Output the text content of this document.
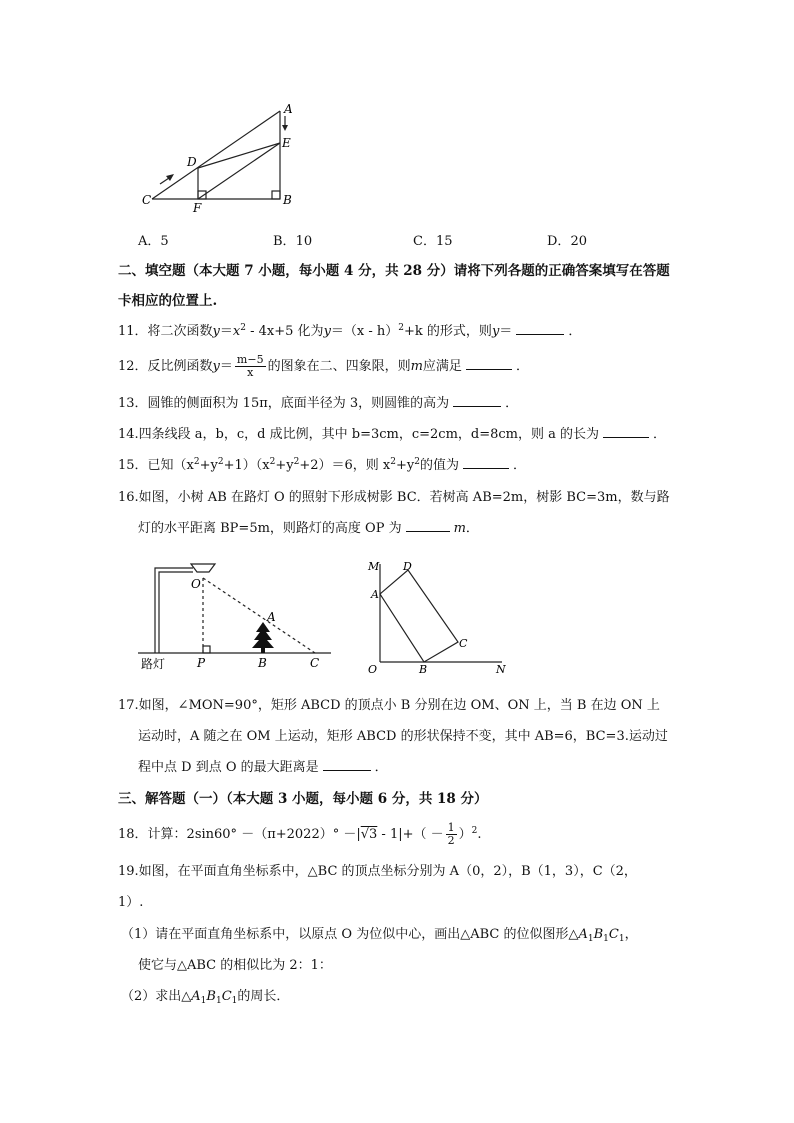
C
D
F
E
B
A
A．5	B．10	C．15	D．20
二、填空题（本大题 7 小题，每小题 4 分，共 28 分）请将下列各题的正确答案填写在答题
卡相应的位置上.
11．将二次函数$y=x^2 - 4x+5$ 化为y＝（x - h）$^2$+k 的形式，则y＝	．
12．反比例函数$y= \frac{m-5}{x}$ 的图象在二、四象限，则m应满足	．
13．圆锥的侧面积为 15π，底面半径为 3，则圆锥的高为	．
14.四条线段 a，b，c，d 成比例，其中 b=3cm，c=2cm，d=8cm，则 a 的长为	．
15．已知$(x^2+y^2+1)(x^2+y^2+2)=6$，则 $x^2+y^2$的值为	．
16.如图，小树 AB 在路灯 O 的照射下形成树影 BC．若树高 AB=2m，树影 BC=3m，数与路
灯的水平距离 BP=5m，则路灯的高度 OP 为	m．
O
A
P	B	C
路灯
M D
A
C
O	B	N
17.如图，∠MON=90°，矩形 ABCD 的顶点小 B 分别在边 OM、ON 上，当 B 在边 ON 上
运动时，A 随之在 OM 上运动，矩形 ABCD 的形状保持不变，其中 AB=6，BC=3.运动过
程中点 D 到点 O 的最大距离是	．
三、解答题（一）（本大题 3 小题，每小题 6 分，共 18 分）
18．计算：$2\sin 60^\circ -(\pi+2022)^\circ -|√3 - 1|+( - \frac{1}{2} )^2$.
19.如图，在平面直角坐标系中，△BC 的顶点坐标分别为 A（0，2），B（1，3），C（2，
1）.
（1）请在平面直角坐标系中，以原点 O 为位似中心，画出△ABC 的位似图形$\triangle A_1B_1C_1$，
使它与△ABC 的相似比为 2：1：
（2）求出$\triangle A_1B_1C_1$的周长．
